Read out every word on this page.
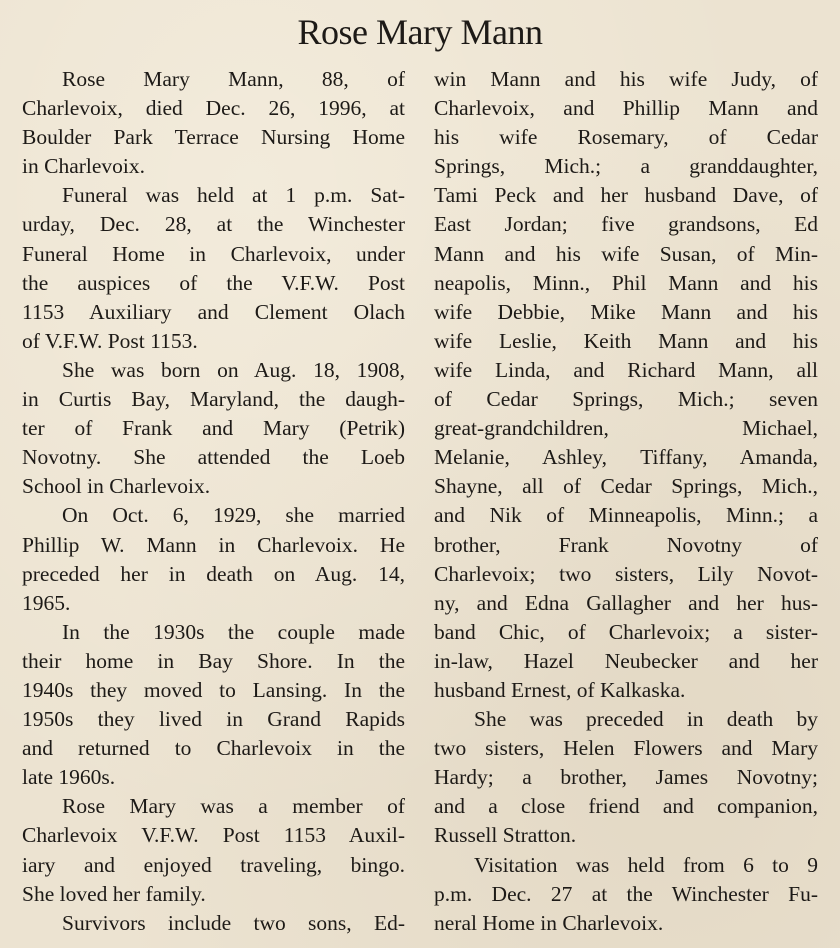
Rose Mary Mann
Rose Mary Mann, 88, of
Charlevoix, died Dec. 26, 1996, at
Boulder Park Terrace Nursing Home
in Charlevoix.
Funeral was held at 1 p.m. Sat-
urday, Dec. 28, at the Winchester
Funeral Home in Charlevoix, under
the auspices of the V.F.W. Post
1153 Auxiliary and Clement Olach
of V.F.W. Post 1153.
She was born on Aug. 18, 1908,
in Curtis Bay, Maryland, the daugh-
ter of Frank and Mary (Petrik)
Novotny. She attended the Loeb
School in Charlevoix.
On Oct. 6, 1929, she married
Phillip W. Mann in Charlevoix. He
preceded her in death on Aug. 14,
1965.
In the 1930s the couple made
their home in Bay Shore. In the
1940s they moved to Lansing. In the
1950s they lived in Grand Rapids
and returned to Charlevoix in the
late 1960s.
Rose Mary was a member of
Charlevoix V.F.W. Post 1153 Auxil-
iary and enjoyed traveling, bingo.
She loved her family.
Survivors include two sons, Ed-
win Mann and his wife Judy, of
Charlevoix, and Phillip Mann and
his wife Rosemary, of Cedar
Springs, Mich.; a granddaughter,
Tami Peck and her husband Dave, of
East Jordan; five grandsons, Ed
Mann and his wife Susan, of Min-
neapolis, Minn., Phil Mann and his
wife Debbie, Mike Mann and his
wife Leslie, Keith Mann and his
wife Linda, and Richard Mann, all
of Cedar Springs, Mich.; seven
great-grandchildren, Michael,
Melanie, Ashley, Tiffany, Amanda,
Shayne, all of Cedar Springs, Mich.,
and Nik of Minneapolis, Minn.; a
brother, Frank Novotny of
Charlevoix; two sisters, Lily Novot-
ny, and Edna Gallagher and her hus-
band Chic, of Charlevoix; a sister-
in-law, Hazel Neubecker and her
husband Ernest, of Kalkaska.
She was preceded in death by
two sisters, Helen Flowers and Mary
Hardy; a brother, James Novotny;
and a close friend and companion,
Russell Stratton.
Visitation was held from 6 to 9
p.m. Dec. 27 at the Winchester Fu-
neral Home in Charlevoix.
